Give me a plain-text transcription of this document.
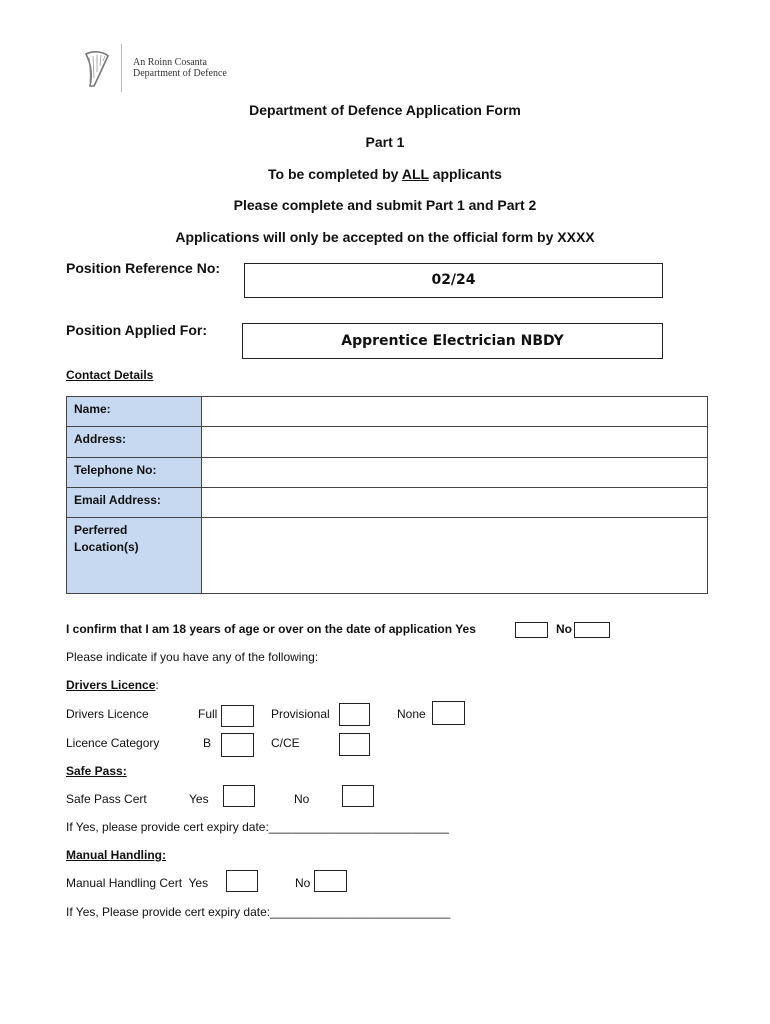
An Roinn Cosanta
Department of Defence
Department of Defence Application Form
Part 1
To be completed by ALL applicants
Please complete and submit Part 1 and Part 2
Applications will only be accepted on the official form by XXXX
Position Reference No:
02/24
Position Applied For:
Apprentice Electrician NBDY
Contact Details
Name:	
Address:	
Telephone No:	
Email Address:	
Perferred
Location(s)	
I confirm that I am 18 years of age or over on the date of application Yes	No
Please indicate if you have any of the following:
Drivers Licence:
Drivers Licence	Full	Provisional	None
Licence Category	B	C/CE
Safe Pass:
Safe Pass Cert	Yes	No
If Yes, please provide cert expiry date:___________________________
Manual Handling:
Manual Handling Cert  Yes	No
If Yes, Please provide cert expiry date:___________________________
